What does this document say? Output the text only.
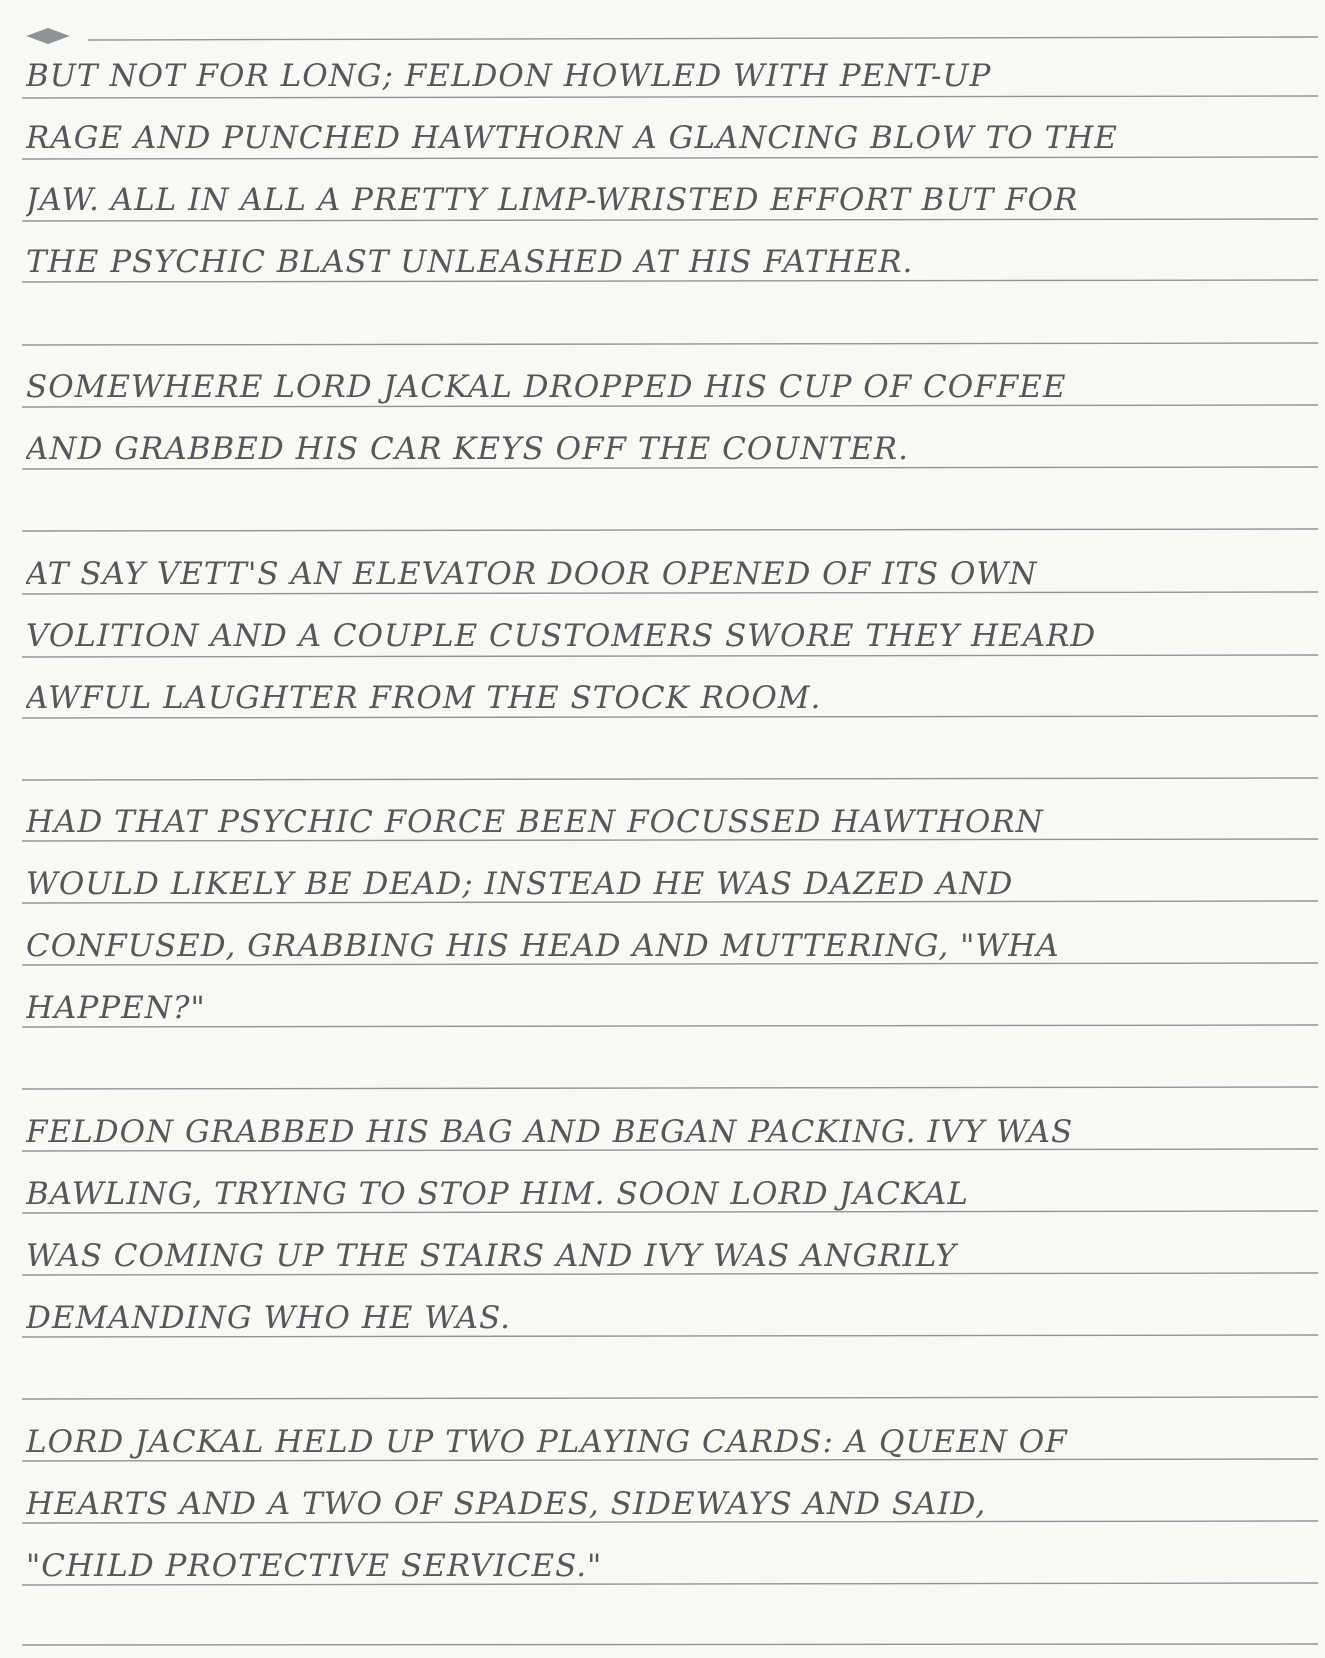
BUT NOT FOR LONG; FELDON HOWLED WITH PENT-UP
RAGE AND PUNCHED HAWTHORN A GLANCING BLOW TO THE
JAW. ALL IN ALL A PRETTY LIMP-WRISTED EFFORT BUT FOR
THE PSYCHIC BLAST UNLEASHED AT HIS FATHER.
SOMEWHERE LORD JACKAL DROPPED HIS CUP OF COFFEE
AND GRABBED HIS CAR KEYS OFF THE COUNTER.
AT SAY VETT'S AN ELEVATOR DOOR OPENED OF ITS OWN
VOLITION AND A COUPLE CUSTOMERS SWORE THEY HEARD
AWFUL LAUGHTER FROM THE STOCK ROOM.
HAD THAT PSYCHIC FORCE BEEN FOCUSSED HAWTHORN
WOULD LIKELY BE DEAD; INSTEAD HE WAS DAZED AND
CONFUSED, GRABBING HIS HEAD AND MUTTERING, "WHA
HAPPEN?"
FELDON GRABBED HIS BAG AND BEGAN PACKING. IVY WAS
BAWLING, TRYING TO STOP HIM. SOON LORD JACKAL
WAS COMING UP THE STAIRS AND IVY WAS ANGRILY
DEMANDING WHO HE WAS.
LORD JACKAL HELD UP TWO PLAYING CARDS: A QUEEN OF
HEARTS AND A TWO OF SPADES, SIDEWAYS AND SAID,
"CHILD PROTECTIVE SERVICES."
